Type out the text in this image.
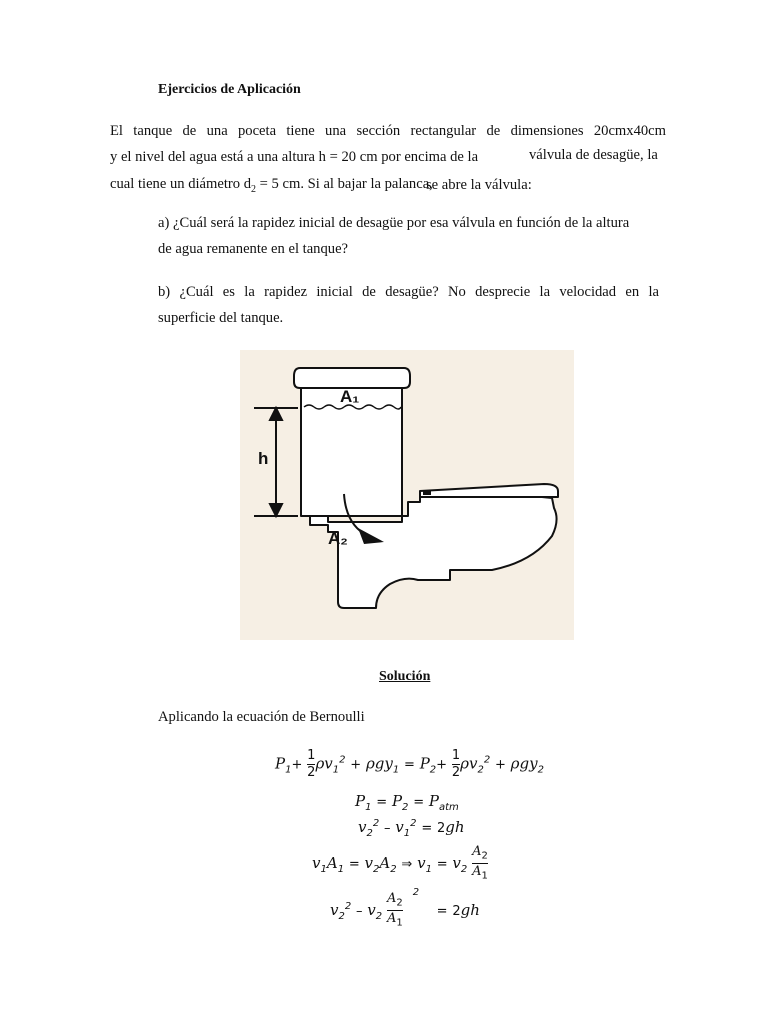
Ejercicios de Aplicación
El tanque de una poceta tiene una sección rectangular de dimensiones 20cmx40cm
y el nivel del agua está a una altura h = 20 cm por encima de la	válvula de desagüe, la
cual tiene un diámetro $d_2 = 5$ cm. Si al bajar la palanca,
se abre la válvula:
a) ¿Cuál será la rapidez inicial de desagüe por esa válvula en función de la altura
de agua remanente en el tanque?
b) ¿Cuál es la rapidez inicial de desagüe? No desprecie la velocidad en la
superficie del tanque.
A₁
A₂
h
Solución
Aplicando la ecuación de Bernoulli
$P_1+ \frac{1}{2} \rho v_1^2 + \rho gy_1 = P_2+ \frac{1}{2} \rho v_2^2 + \rho gy_2$
$P_1 = P_2 = P_{atm}$
$v_2^2 - v_1^2 = 2gh$
$v_1A_1 = v_2A_2$ ⇒ $v_1 = v_2 \frac{A_2}{A_1}$
$v_2^2 - v_2 \frac{A_2}{A_1} ^2 = 2gh$
